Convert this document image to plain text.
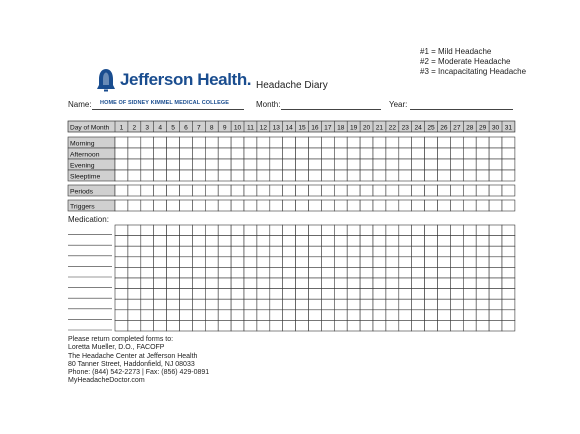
#1 = Mild Headache
#2 = Moderate Headache
#3 = Incapacitating Headache
Jefferson Health. Headache Diary
Name: HOME OF SIDNEY KIMMEL MEDICAL COLLEGE	Month:	Year:
Day of Month 1 2 3 4 5 6 7 8 9 10 11 12 13 14 15 16 17 18 19 20 21 22 23 24 25 26 27 28 29 30 31
Morning
Afternoon
Evening
Sleeptime
Periods
Triggers
Medication:
Please return completed forms to:
Loretta Mueller, D.O., FACOFP
The Headache Center at Jefferson Health
80 Tanner Street, Haddonfield, NJ 08033
Phone: (844) 542-2273 | Fax: (856) 429-0891
MyHeadacheDoctor.com
